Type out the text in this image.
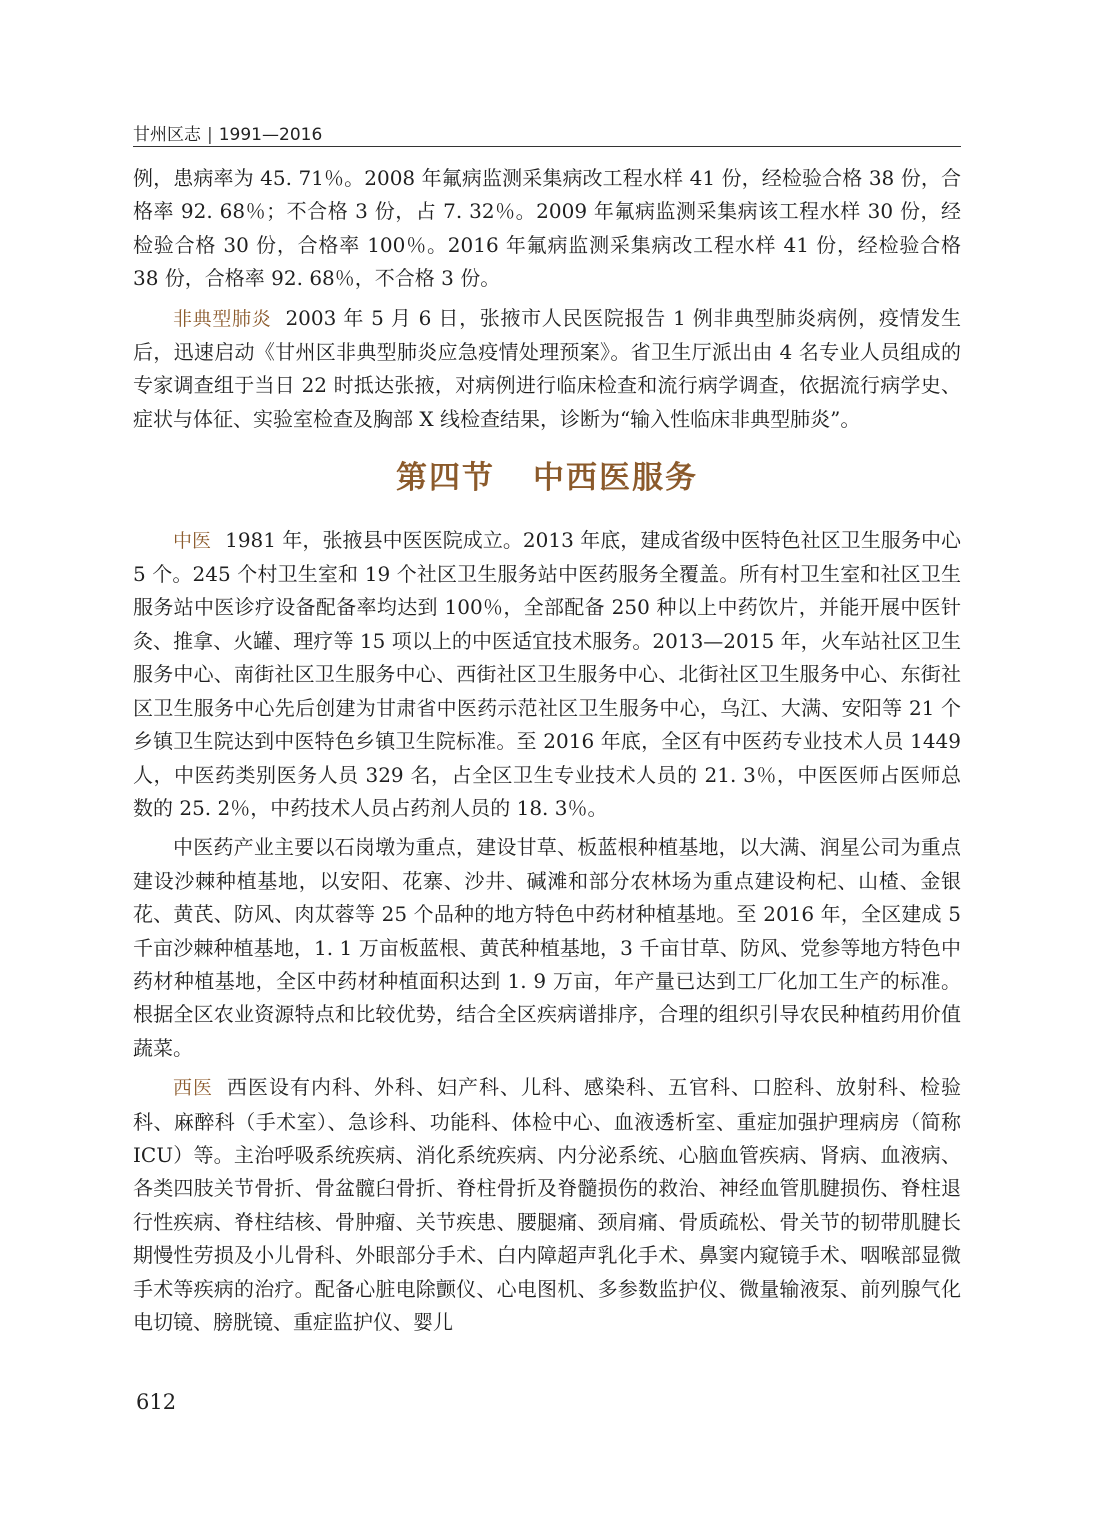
甘州区志 | 1991—2016

例，患病率为 45. 71％。2008 年氟病监测采集病改工程水样 41 份，经检验合格 38 份，合格率 92. 68％；不合格 3 份，占 7. 32％。2009 年氟病监测采集病该工程水样 30 份，经检验合格 30 份，合格率 100％。2016 年氟病监测采集病改工程水样 41 份，经检验合格 38 份，合格率 92. 68％，不合格 3 份。

非典型肺炎 2003 年 5 月 6 日，张掖市人民医院报告 1 例非典型肺炎病例，疫情发生后，迅速启动《甘州区非典型肺炎应急疫情处理预案》。省卫生厅派出由 4 名专业人员组成的专家调查组于当日 22 时抵达张掖，对病例进行临床检查和流行病学调查，依据流行病学史、症状与体征、实验室检查及胸部 X 线检查结果，诊断为“输入性临床非典型肺炎”。

第四节 中西医服务

中医 1981 年，张掖县中医医院成立。2013 年底，建成省级中医特色社区卫生服务中心 5 个。245 个村卫生室和 19 个社区卫生服务站中医药服务全覆盖。所有村卫生室和社区卫生服务站中医诊疗设备配备率均达到 100％，全部配备 250 种以上中药饮片，并能开展中医针灸、推拿、火罐、理疗等 15 项以上的中医适宜技术服务。2013—2015 年，火车站社区卫生服务中心、南街社区卫生服务中心、西街社区卫生服务中心、北街社区卫生服务中心、东街社区卫生服务中心先后创建为甘肃省中医药示范社区卫生服务中心，乌江、大满、安阳等 21 个乡镇卫生院达到中医特色乡镇卫生院标准。至 2016 年底，全区有中医药专业技术人员 1449 人，中医药类别医务人员 329 名，占全区卫生专业技术人员的 21. 3％，中医医师占医师总数的 25. 2％，中药技术人员占药剂人员的 18. 3％。

中医药产业主要以石岗墩为重点，建设甘草、板蓝根种植基地，以大满、润星公司为重点建设沙棘种植基地，以安阳、花寨、沙井、碱滩和部分农林场为重点建设枸杞、山楂、金银花、黄芪、防风、肉苁蓉等 25 个品种的地方特色中药材种植基地。至 2016 年，全区建成 5 千亩沙棘种植基地，1. 1 万亩板蓝根、黄芪种植基地，3 千亩甘草、防风、党参等地方特色中药材种植基地，全区中药材种植面积达到 1. 9 万亩，年产量已达到工厂化加工生产的标准。根据全区农业资源特点和比较优势，结合全区疾病谱排序，合理的组织引导农民种植药用价值蔬菜。

西医 西医设有内科、外科、妇产科、儿科、感染科、五官科、口腔科、放射科、检验科、麻醉科（手术室）、急诊科、功能科、体检中心、血液透析室、重症加强护理病房（简称 ICU）等。主治呼吸系统疾病、消化系统疾病、内分泌系统、心脑血管疾病、肾病、血液病、各类四肢关节骨折、骨盆髋臼骨折、脊柱骨折及脊髓损伤的救治、神经血管肌腱损伤、脊柱退行性疾病、脊柱结核、骨肿瘤、关节疾患、腰腿痛、颈肩痛、骨质疏松、骨关节的韧带肌腱长期慢性劳损及小儿骨科、外眼部分手术、白内障超声乳化手术、鼻窦内窥镜手术、咽喉部显微手术等疾病的治疗。配备心脏电除颤仪、心电图机、多参数监护仪、微量输液泵、前列腺气化电切镜、膀胱镜、重症监护仪、婴儿

612
